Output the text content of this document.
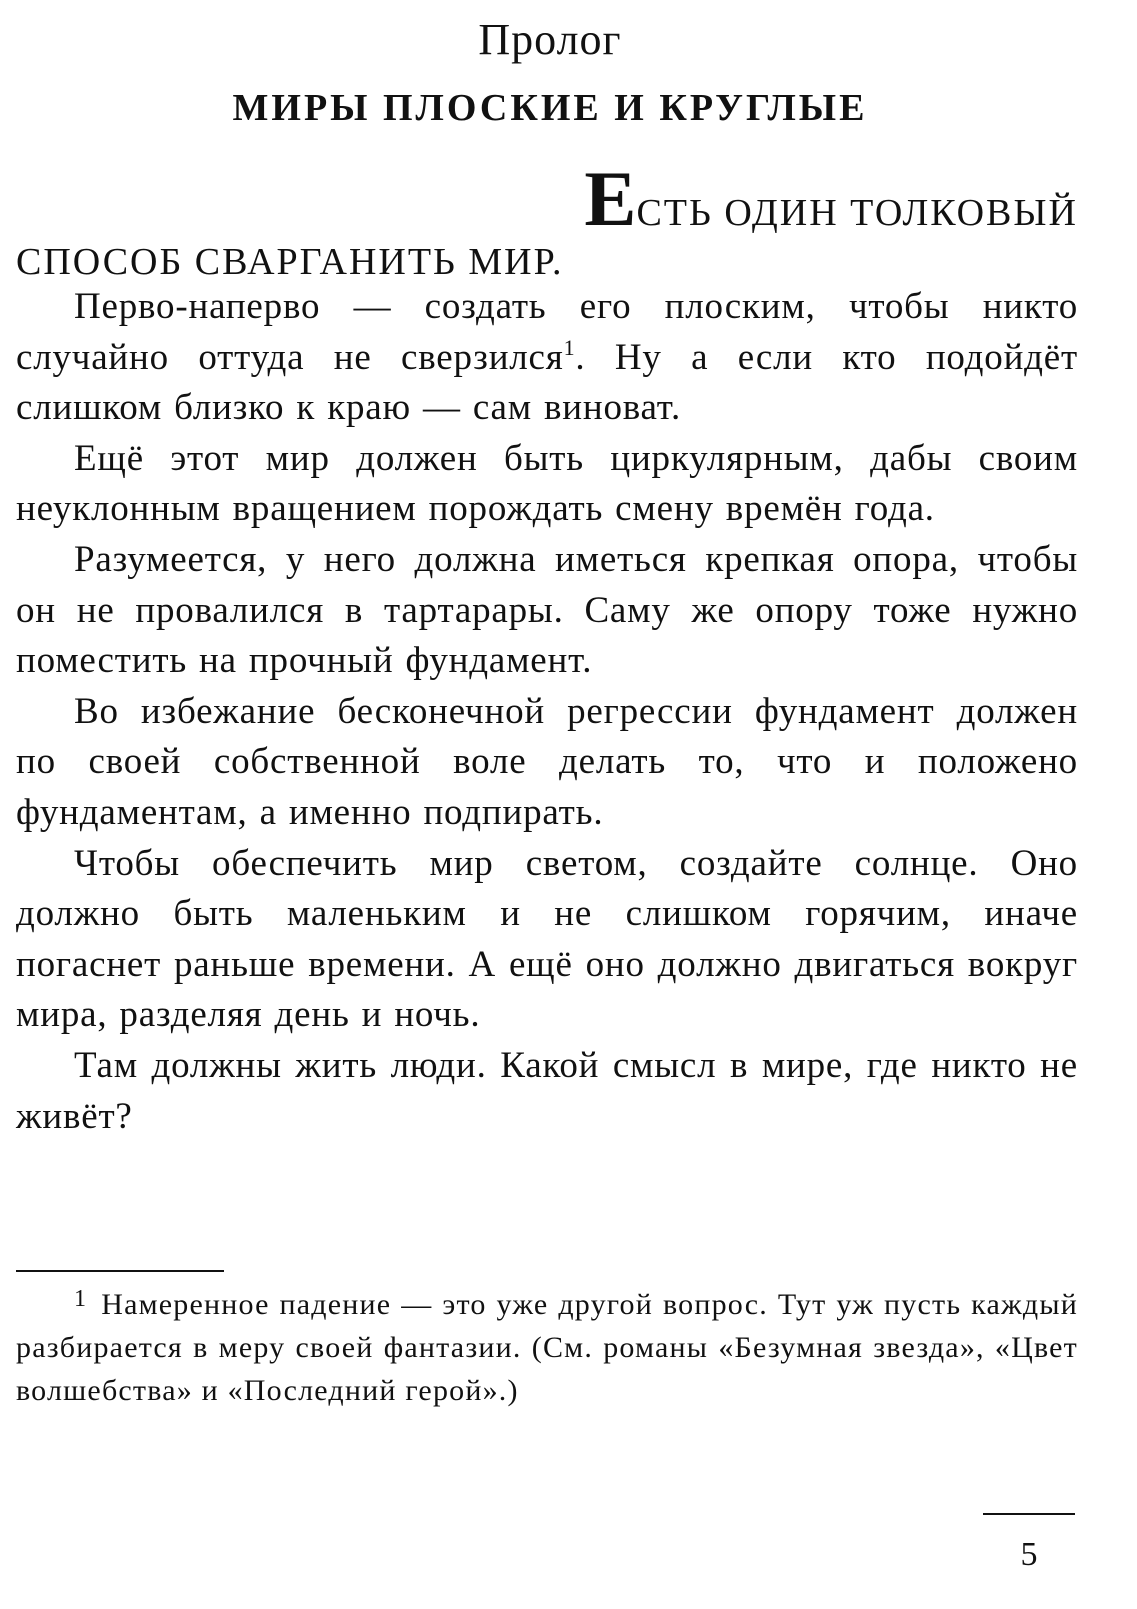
Пролог
МИРЫ ПЛОСКИЕ И КРУГЛЫЕ
ЕСТЬ ОДИН ТОЛКОВЫЙ
СПОСОБ СВАРГАНИТЬ МИР.

Перво-наперво — создать его плоским, чтобы никто случайно оттуда не сверзился$^1$. Ну а если кто подойдёт слишком близко к краю — сам виноват.

Ещё этот мир должен быть циркулярным, дабы своим неуклонным вращением порождать смену времён года.

Разумеется, у него должна иметься крепкая опора, чтобы он не провалился в тартарары. Саму же опору тоже нужно поместить на прочный фундамент.

Во избежание бесконечной регрессии фундамент должен по своей собственной воле делать то, что и положено фундаментам, а именно подпирать.

Чтобы обеспечить мир светом, создайте солнце. Оно должно быть маленьким и не слишком горячим, иначе погаснет раньше времени. А ещё оно должно двигаться вокруг мира, разделяя день и ночь.

Там должны жить люди. Какой смысл в мире, где никто не живёт?

1 Намеренное падение — это уже другой вопрос. Тут уж пусть каждый разбирается в меру своей фантазии. (См. романы «Безумная звезда», «Цвет волшебства» и «Последний герой».)
5
